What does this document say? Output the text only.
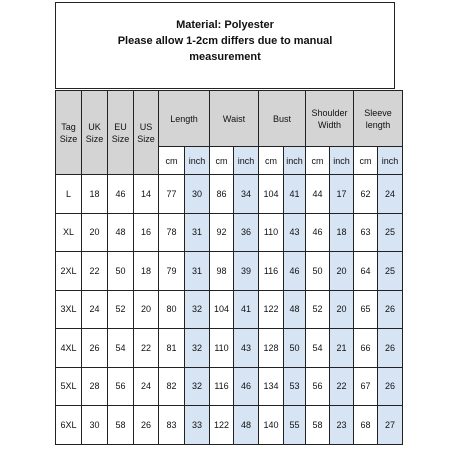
Material: Polyester
Please allow 1-2cm differs due to manual
measurement
Tag Size	UK Size	EU Size	US Size	Length		Waist		Bust		Shoulder Width		Sleeve length	
				cm	inch	cm	inch	cm	inch	cm	inch	cm	inch
L	18	46	14	77	30	86	34	104	41	44	17	62	24
XL	20	48	16	78	31	92	36	110	43	46	18	63	25
2XL	22	50	18	79	31	98	39	116	46	50	20	64	25
3XL	24	52	20	80	32	104	41	122	48	52	20	65	26
4XL	26	54	22	81	32	110	43	128	50	54	21	66	26
5XL	28	56	24	82	32	116	46	134	53	56	22	67	26
6XL	30	58	26	83	33	122	48	140	55	58	23	68	27
